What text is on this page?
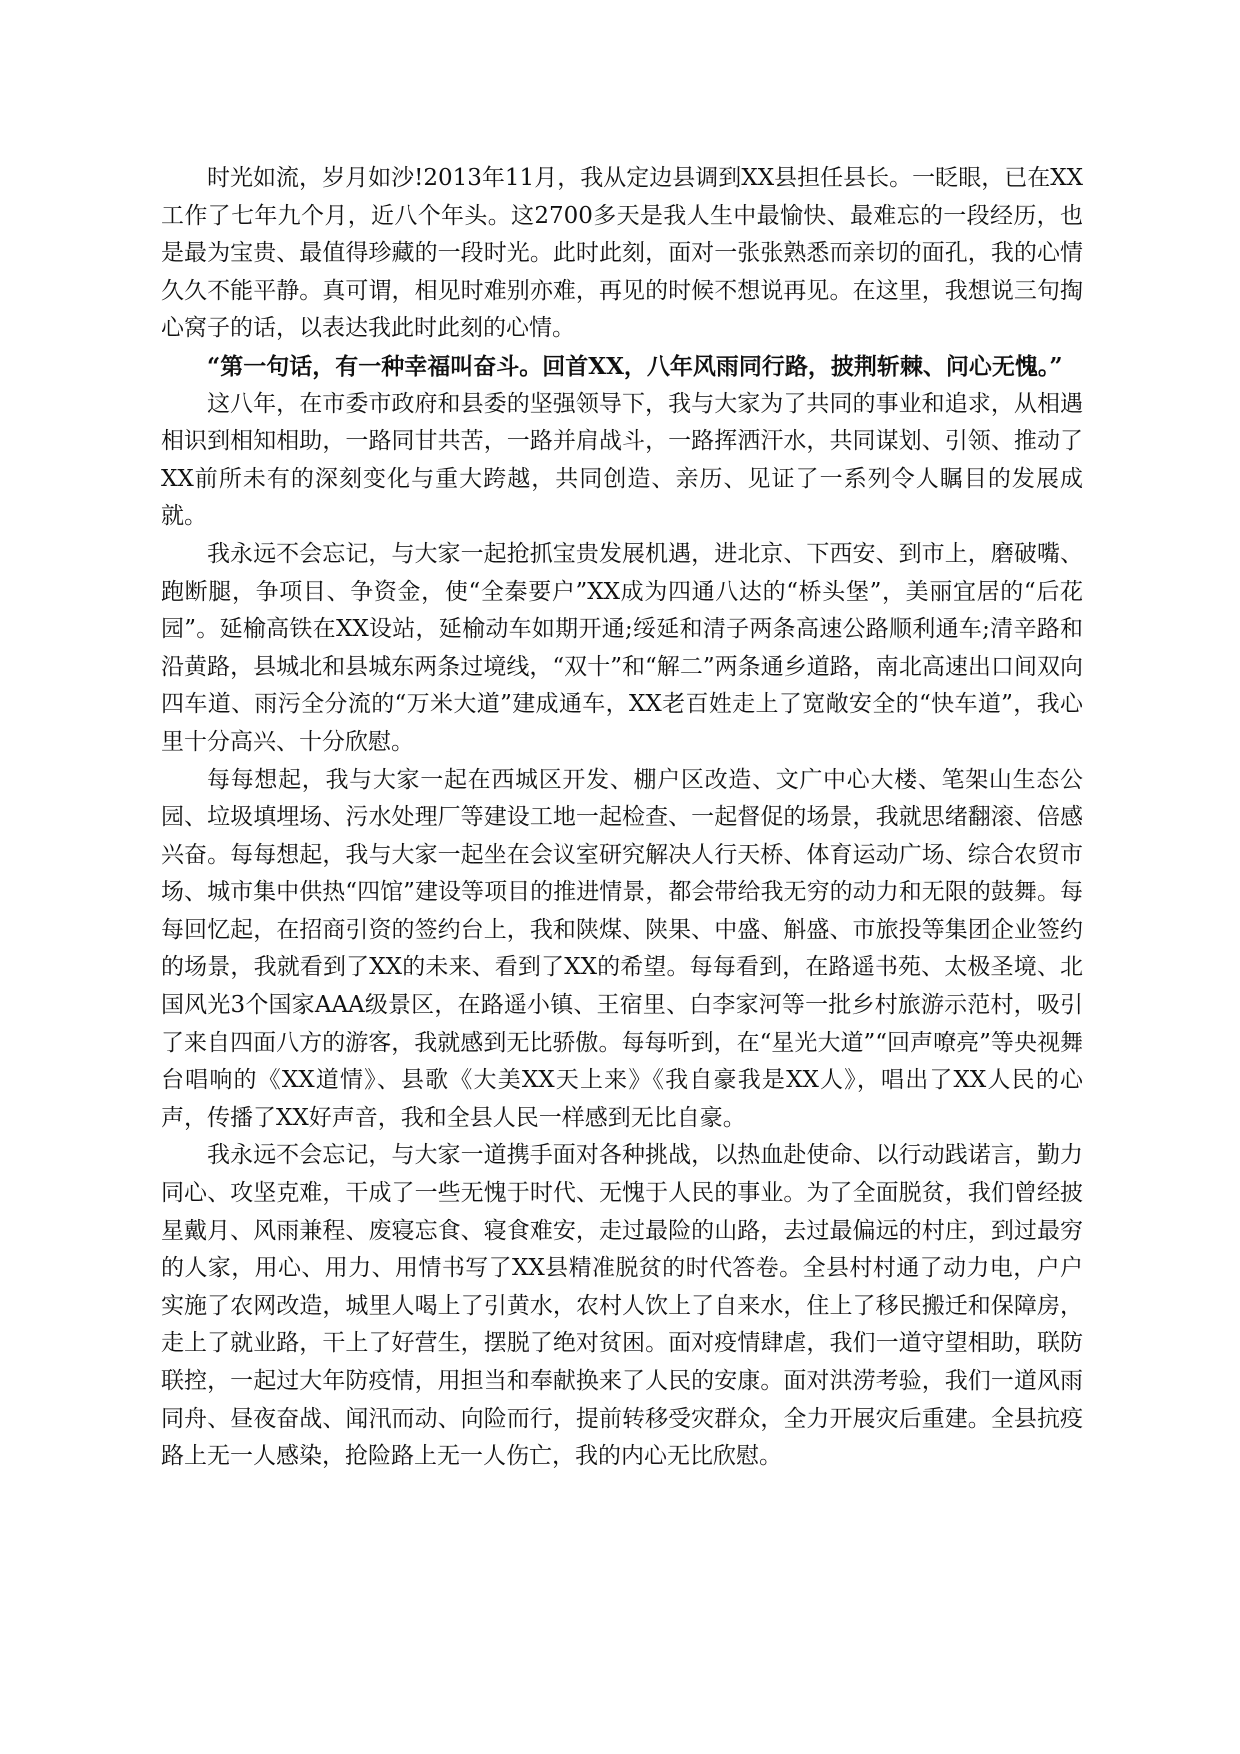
时光如流，岁月如沙!2013年11月，我从定边县调到XX县担任县长。一眨眼，已在XX工作了七年九个月，近八个年头。这2700多天是我人生中最愉快、最难忘的一段经历，也是最为宝贵、最值得珍藏的一段时光。此时此刻，面对一张张熟悉而亲切的面孔，我的心情久久不能平静。真可谓，相见时难别亦难，再见的时候不想说再见。在这里，我想说三句掏心窝子的话，以表达我此时此刻的心情。

“第一句话，有一种幸福叫奋斗。回首XX，八年风雨同行路，披荆斩棘、问心无愧。”

这八年，在市委市政府和县委的坚强领导下，我与大家为了共同的事业和追求，从相遇相识到相知相助，一路同甘共苦，一路并肩战斗，一路挥洒汗水，共同谋划、引领、推动了XX前所未有的深刻变化与重大跨越，共同创造、亲历、见证了一系列令人瞩目的发展成就。

我永远不会忘记，与大家一起抢抓宝贵发展机遇，进北京、下西安、到市上，磨破嘴、跑断腿，争项目、争资金，使“全秦要户”XX成为四通八达的“桥头堡”，美丽宜居的“后花园”。延榆高铁在XX设站，延榆动车如期开通;绥延和清子两条高速公路顺利通车;清辛路和沿黄路，县城北和县城东两条过境线，“双十”和“解二”两条通乡道路，南北高速出口间双向四车道、雨污全分流的“万米大道”建成通车，XX老百姓走上了宽敞安全的“快车道”，我心里十分高兴、十分欣慰。

每每想起，我与大家一起在西城区开发、棚户区改造、文广中心大楼、笔架山生态公园、垃圾填埋场、污水处理厂等建设工地一起检查、一起督促的场景，我就思绪翻滚、倍感兴奋。每每想起，我与大家一起坐在会议室研究解决人行天桥、体育运动广场、综合农贸市场、城市集中供热“四馆”建设等项目的推进情景，都会带给我无穷的动力和无限的鼓舞。每每回忆起，在招商引资的签约台上，我和陕煤、陕果、中盛、斛盛、市旅投等集团企业签约的场景，我就看到了XX的未来、看到了XX的希望。每每看到，在路遥书苑、太极圣境、北国风光3个国家AAA级景区，在路遥小镇、王宿里、白李家河等一批乡村旅游示范村，吸引了来自四面八方的游客，我就感到无比骄傲。每每听到，在“星光大道”“回声嘹亮”等央视舞台唱响的《XX道情》、县歌《大美XX天上来》《我自豪我是XX人》，唱出了XX人民的心声，传播了XX好声音，我和全县人民一样感到无比自豪。

我永远不会忘记，与大家一道携手面对各种挑战，以热血赴使命、以行动践诺言，勤力同心、攻坚克难，干成了一些无愧于时代、无愧于人民的事业。为了全面脱贫，我们曾经披星戴月、风雨兼程、废寝忘食、寝食难安，走过最险的山路，去过最偏远的村庄，到过最穷的人家，用心、用力、用情书写了XX县精准脱贫的时代答卷。全县村村通了动力电，户户实施了农网改造，城里人喝上了引黄水，农村人饮上了自来水，住上了移民搬迁和保障房，走上了就业路，干上了好营生，摆脱了绝对贫困。面对疫情肆虐，我们一道守望相助，联防联控，一起过大年防疫情，用担当和奉献换来了人民的安康。面对洪涝考验，我们一道风雨同舟、昼夜奋战、闻汛而动、向险而行，提前转移受灾群众，全力开展灾后重建。全县抗疫路上无一人感染，抢险路上无一人伤亡，我的内心无比欣慰。
